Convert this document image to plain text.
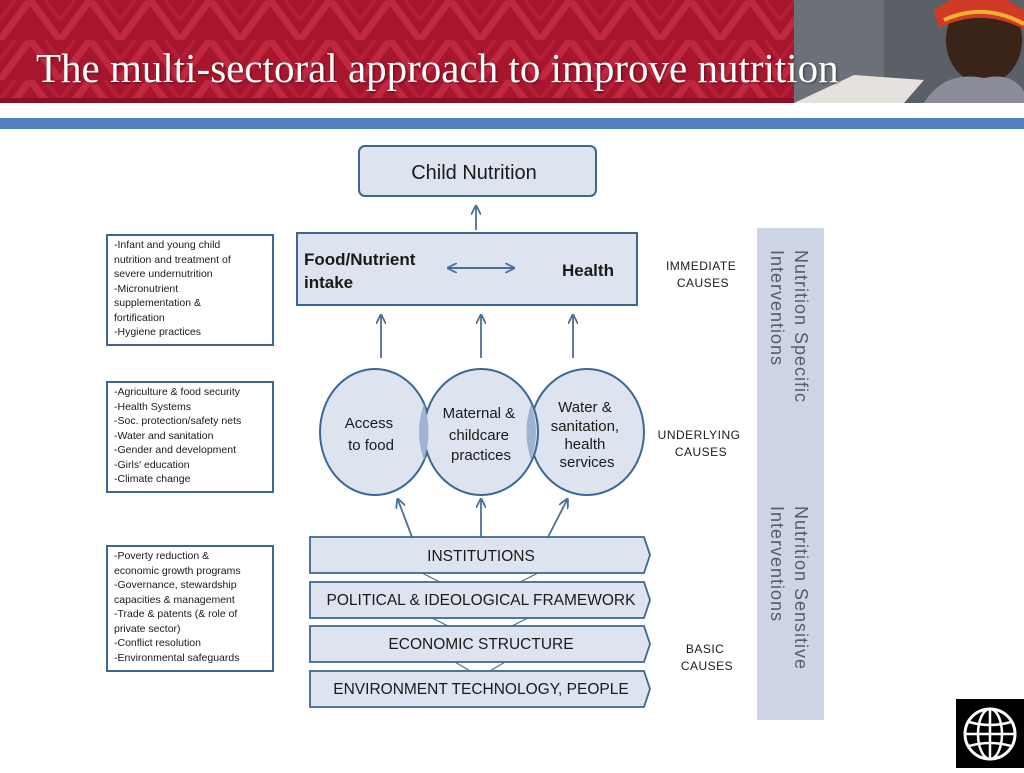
The multi-sectoral approach to improve nutrition
Nutrition Specific Interventions
Nutrition Sensitive Interventions
Child Nutrition
Food/Nutrient intake
Health
Access to food
Maternal & childcare practices
Water & sanitation, health services
INSTITUTIONS
POLITICAL & IDEOLOGICAL FRAMEWORK
ECONOMIC STRUCTURE
ENVIRONMENT TECHNOLOGY, PEOPLE
IMMEDIATE CAUSES
UNDERLYING CAUSES
BASIC CAUSES
-Infant and young child
nutrition and treatment of
severe undernutrition
-Micronutrient
supplementation &
fortification
-Hygiene practices
-Agriculture & food security
-Health Systems
-Soc. protection/safety nets
-Water and sanitation
-Gender and development
-Girls' education
-Climate change
-Poverty reduction &
economic growth programs
-Governance, stewardship
capacities & management
-Trade & patents (& role of
private sector)
-Conflict resolution
-Environmental safeguards
